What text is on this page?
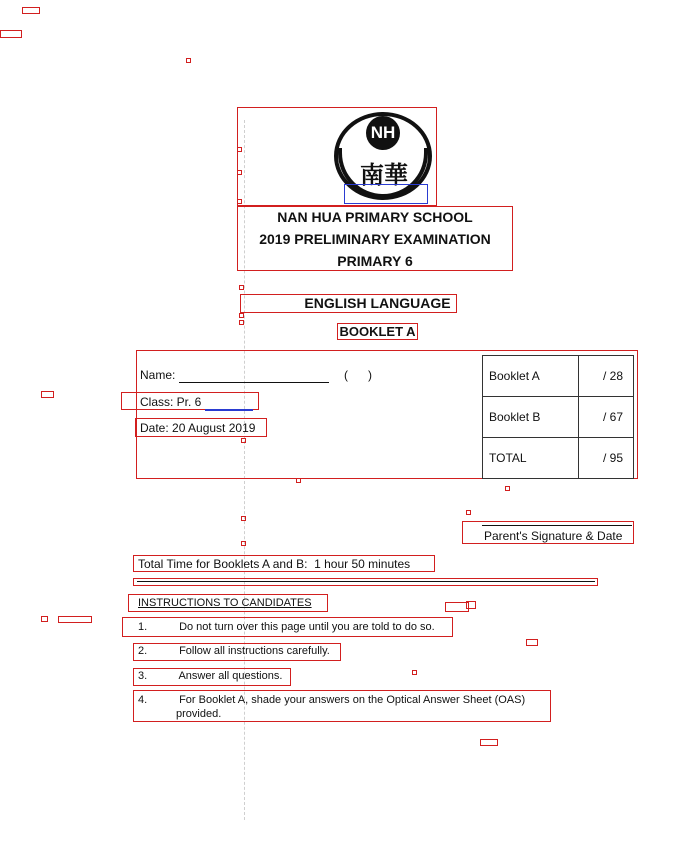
NH
南華
NAN HUA PRIMARY SCHOOL
2019 PRELIMINARY EXAMINATION
PRIMARY 6
ENGLISH LANGUAGE
BOOKLET A
Name:	(      )
Class: Pr. 6
Date: 20 August 2019
Booklet A	/ 28
Booklet B	/ 67
TOTAL	/ 95
Parent's Signature & Date
Total Time for Booklets A and B:  1 hour 50 minutes
INSTRUCTIONS TO CANDIDATES
1.	Do not turn over this page until you are told to do so.
2.	Follow all instructions carefully.
3.	Answer all questions.
4.	For Booklet A, shade your answers on the Optical Answer Sheet (OAS)
provided.
